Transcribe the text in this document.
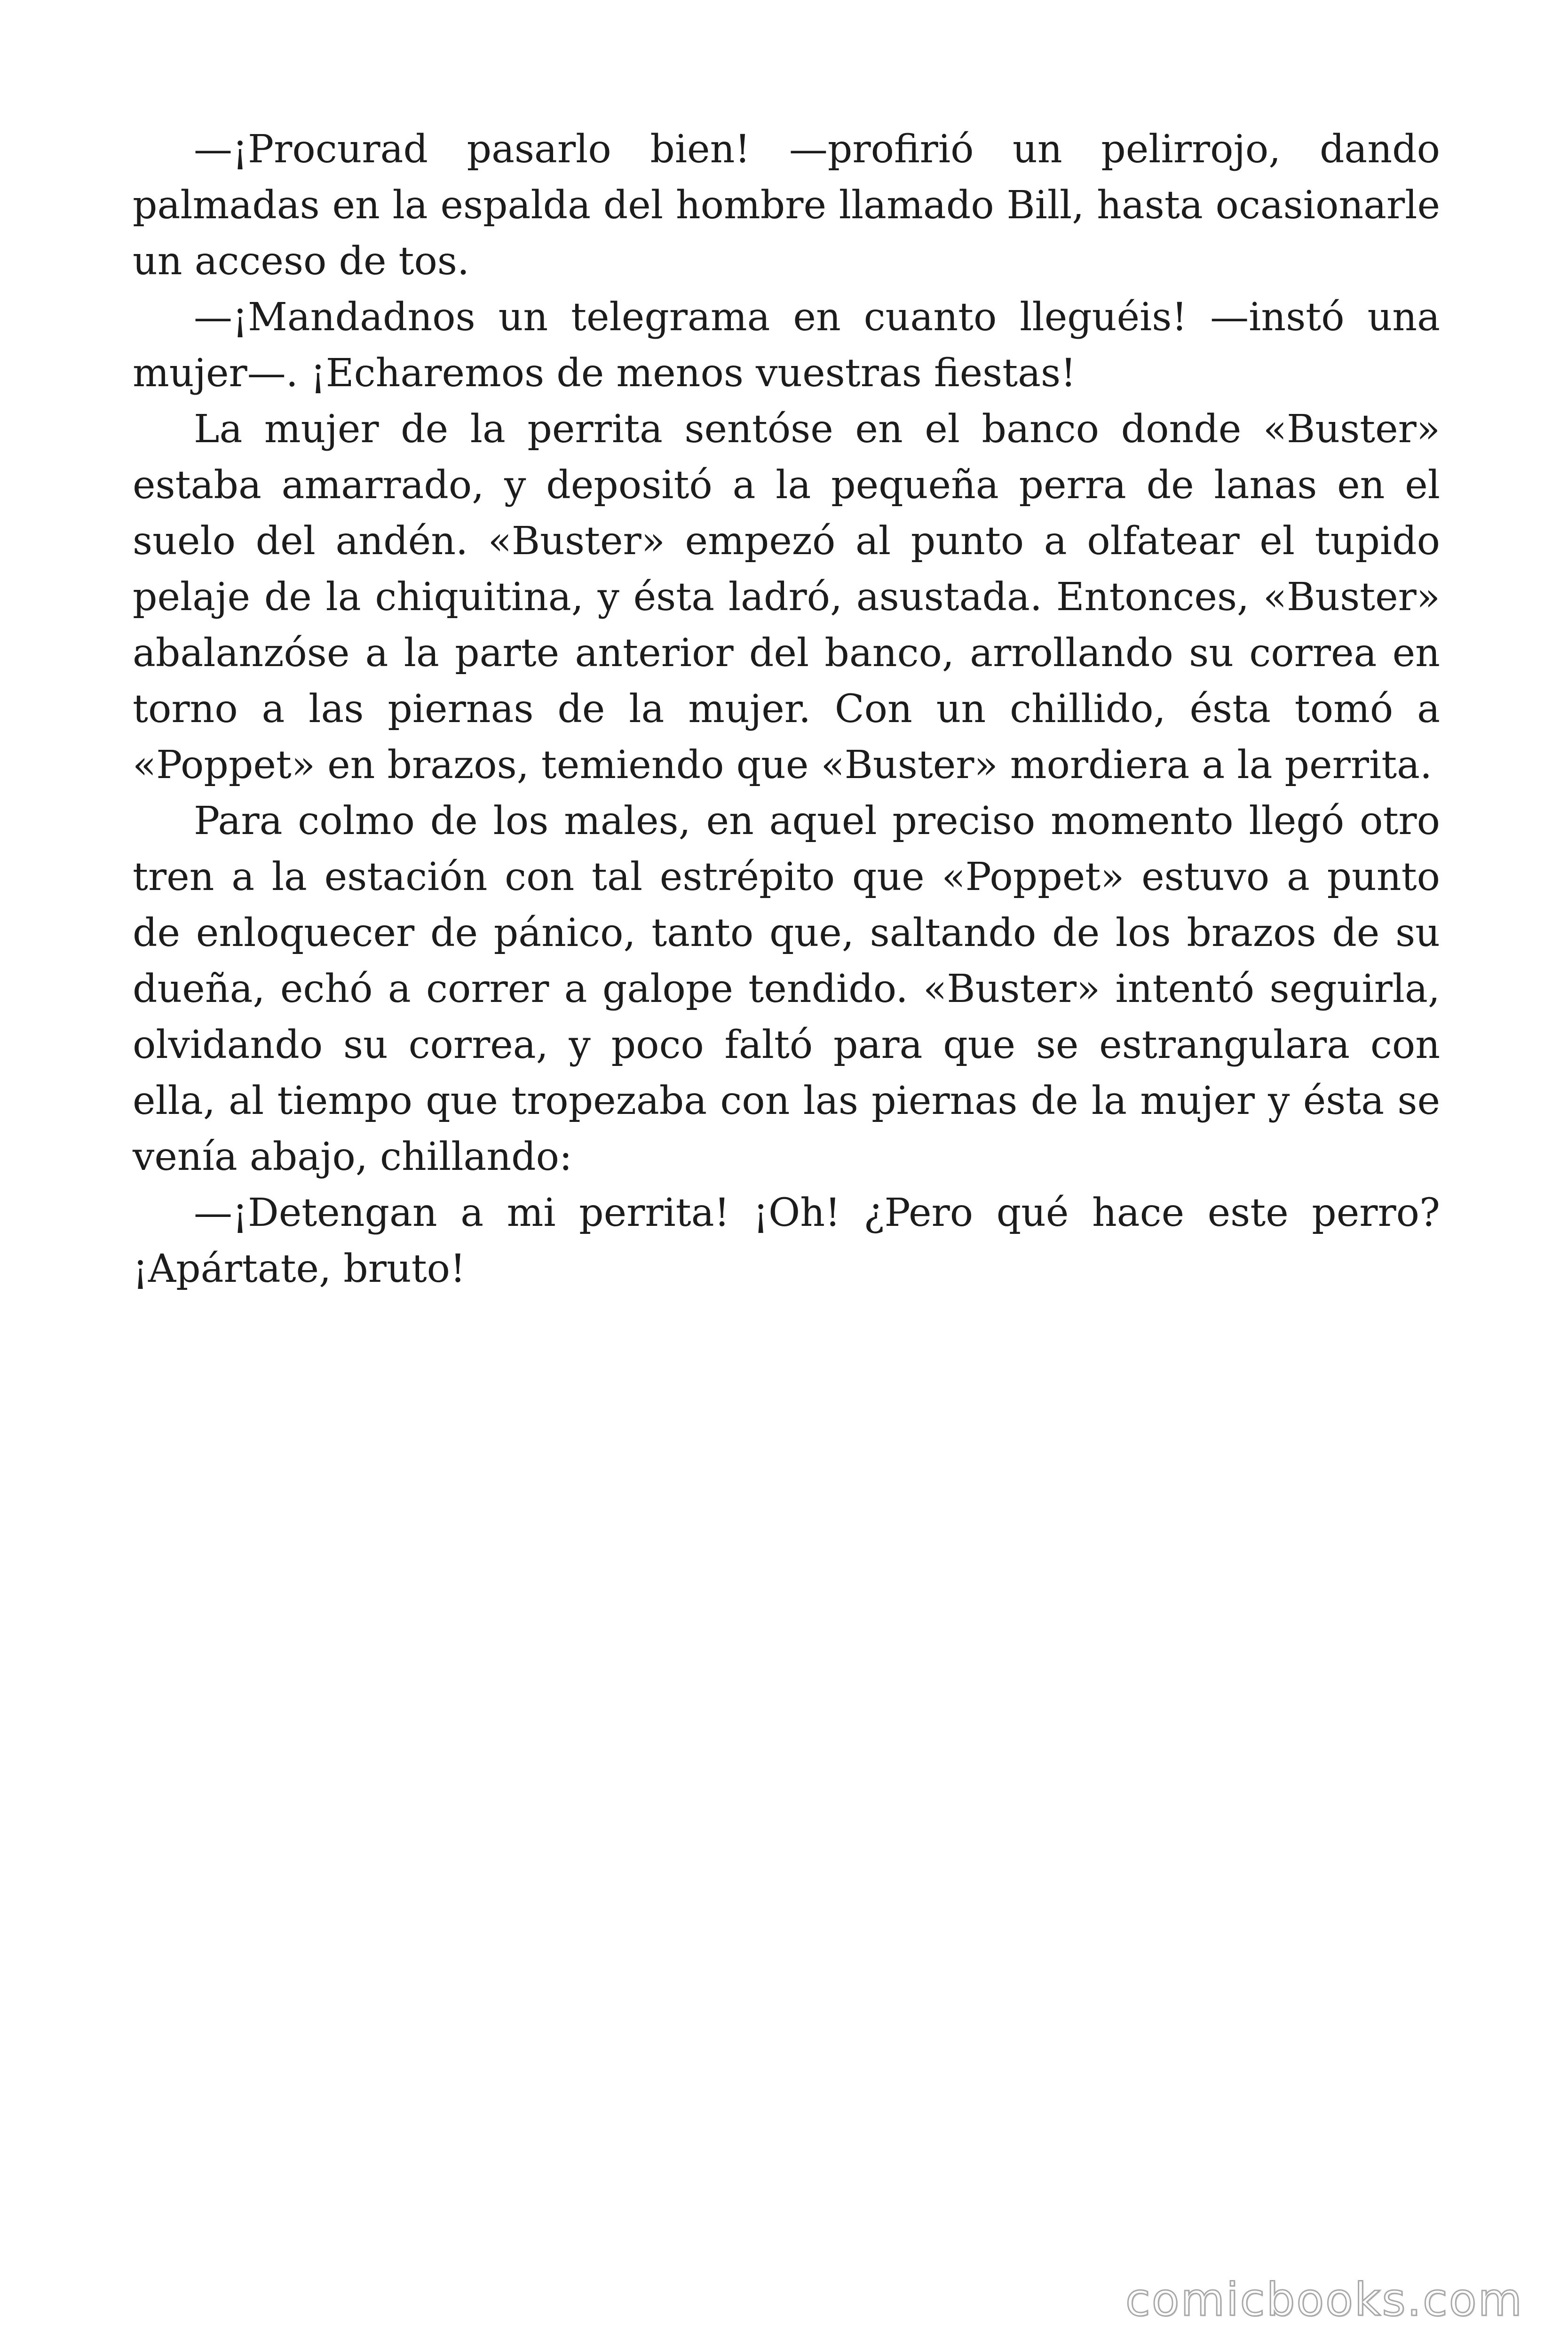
—¡Procurad pasarlo bien! —profirió un pelirrojo, dando palmadas en la espalda del hombre llamado Bill, hasta ocasionarle un acceso de tos.

—¡Mandadnos un telegrama en cuanto lleguéis! —instó una mujer—. ¡Echaremos de menos vuestras fiestas!

La mujer de la perrita sentóse en el banco donde «Buster» estaba amarrado, y depositó a la pequeña perra de lanas en el suelo del andén. «Buster» empezó al punto a olfatear el tupido pelaje de la chiquitina, y ésta ladró, asustada. Entonces, «Buster» abalanzóse a la parte anterior del banco, arrollando su correa en torno a las piernas de la mujer. Con un chillido, ésta tomó a «Poppet» en brazos, temiendo que «Buster» mordiera a la perrita.

Para colmo de los males, en aquel preciso momento llegó otro tren a la estación con tal estrépito que «Poppet» estuvo a punto de enloquecer de pánico, tanto que, saltando de los brazos de su dueña, echó a correr a galope tendido. «Buster» intentó seguirla, olvidando su correa, y poco faltó para que se estrangulara con ella, al tiempo que tropezaba con las piernas de la mujer y ésta se venía abajo, chillando:

—¡Detengan a mi perrita! ¡Oh! ¿Pero qué hace este perro? ¡Apártate, bruto!

comicbooks.com
